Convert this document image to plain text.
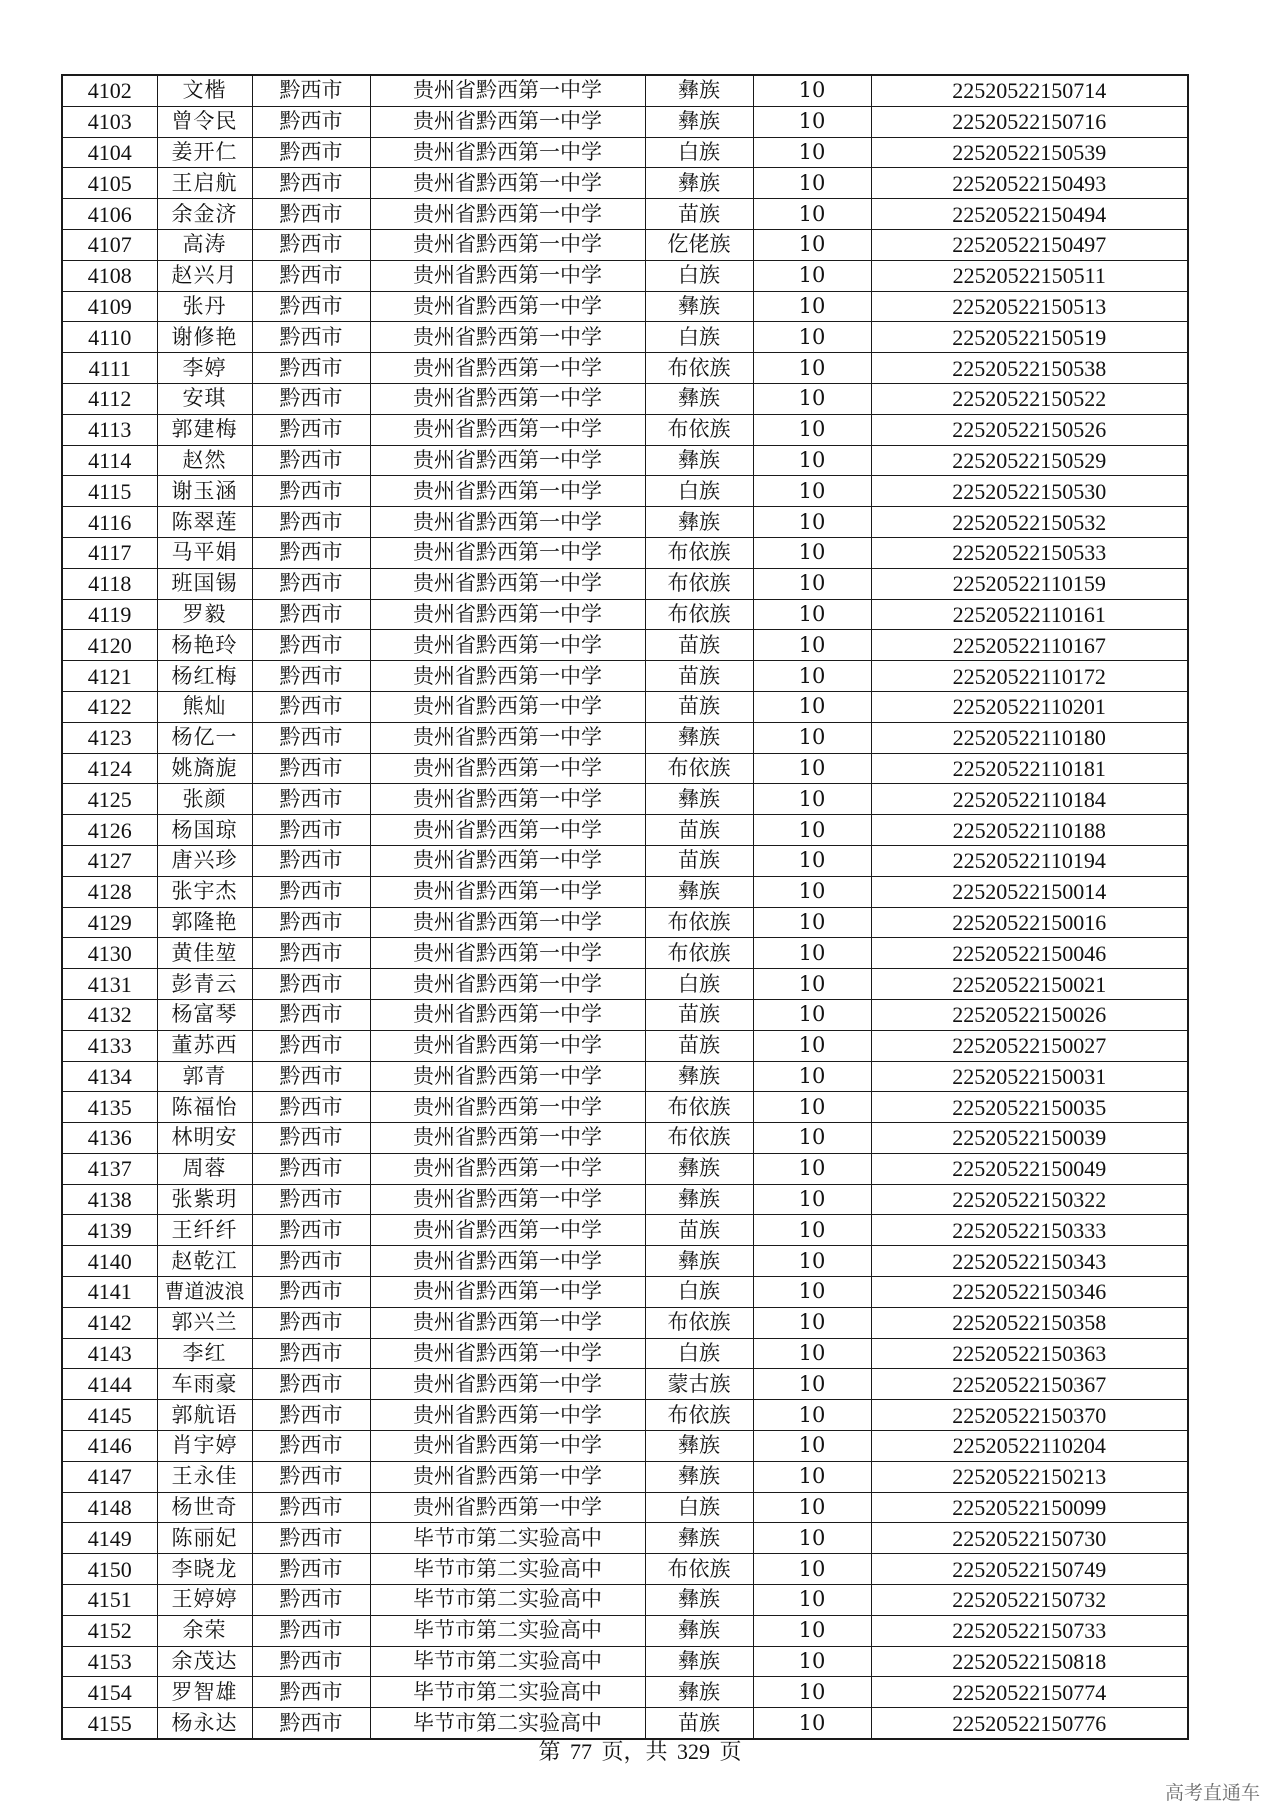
4102	文楷	黔西市	贵州省黔西第一中学	彝族	10	22520522150714
4103	曾令民	黔西市	贵州省黔西第一中学	彝族	10	22520522150716
4104	姜开仁	黔西市	贵州省黔西第一中学	白族	10	22520522150539
4105	王启航	黔西市	贵州省黔西第一中学	彝族	10	22520522150493
4106	余金济	黔西市	贵州省黔西第一中学	苗族	10	22520522150494
4107	高涛	黔西市	贵州省黔西第一中学	仡佬族	10	22520522150497
4108	赵兴月	黔西市	贵州省黔西第一中学	白族	10	22520522150511
4109	张丹	黔西市	贵州省黔西第一中学	彝族	10	22520522150513
4110	谢修艳	黔西市	贵州省黔西第一中学	白族	10	22520522150519
4111	李婷	黔西市	贵州省黔西第一中学	布依族	10	22520522150538
4112	安琪	黔西市	贵州省黔西第一中学	彝族	10	22520522150522
4113	郭建梅	黔西市	贵州省黔西第一中学	布依族	10	22520522150526
4114	赵然	黔西市	贵州省黔西第一中学	彝族	10	22520522150529
4115	谢玉涵	黔西市	贵州省黔西第一中学	白族	10	22520522150530
4116	陈翠莲	黔西市	贵州省黔西第一中学	彝族	10	22520522150532
4117	马平娟	黔西市	贵州省黔西第一中学	布依族	10	22520522150533
4118	班国锡	黔西市	贵州省黔西第一中学	布依族	10	22520522110159
4119	罗毅	黔西市	贵州省黔西第一中学	布依族	10	22520522110161
4120	杨艳玲	黔西市	贵州省黔西第一中学	苗族	10	22520522110167
4121	杨红梅	黔西市	贵州省黔西第一中学	苗族	10	22520522110172
4122	熊灿	黔西市	贵州省黔西第一中学	苗族	10	22520522110201
4123	杨亿一	黔西市	贵州省黔西第一中学	彝族	10	22520522110180
4124	姚旖旎	黔西市	贵州省黔西第一中学	布依族	10	22520522110181
4125	张颜	黔西市	贵州省黔西第一中学	彝族	10	22520522110184
4126	杨国琼	黔西市	贵州省黔西第一中学	苗族	10	22520522110188
4127	唐兴珍	黔西市	贵州省黔西第一中学	苗族	10	22520522110194
4128	张宇杰	黔西市	贵州省黔西第一中学	彝族	10	22520522150014
4129	郭隆艳	黔西市	贵州省黔西第一中学	布依族	10	22520522150016
4130	黄佳堃	黔西市	贵州省黔西第一中学	布依族	10	22520522150046
4131	彭青云	黔西市	贵州省黔西第一中学	白族	10	22520522150021
4132	杨富琴	黔西市	贵州省黔西第一中学	苗族	10	22520522150026
4133	董苏西	黔西市	贵州省黔西第一中学	苗族	10	22520522150027
4134	郭青	黔西市	贵州省黔西第一中学	彝族	10	22520522150031
4135	陈福怡	黔西市	贵州省黔西第一中学	布依族	10	22520522150035
4136	林明安	黔西市	贵州省黔西第一中学	布依族	10	22520522150039
4137	周蓉	黔西市	贵州省黔西第一中学	彝族	10	22520522150049
4138	张紫玥	黔西市	贵州省黔西第一中学	彝族	10	22520522150322
4139	王纤纤	黔西市	贵州省黔西第一中学	苗族	10	22520522150333
4140	赵乾江	黔西市	贵州省黔西第一中学	彝族	10	22520522150343
4141	曹道波浪	黔西市	贵州省黔西第一中学	白族	10	22520522150346
4142	郭兴兰	黔西市	贵州省黔西第一中学	布依族	10	22520522150358
4143	李红	黔西市	贵州省黔西第一中学	白族	10	22520522150363
4144	车雨豪	黔西市	贵州省黔西第一中学	蒙古族	10	22520522150367
4145	郭航语	黔西市	贵州省黔西第一中学	布依族	10	22520522150370
4146	肖宇婷	黔西市	贵州省黔西第一中学	彝族	10	22520522110204
4147	王永佳	黔西市	贵州省黔西第一中学	彝族	10	22520522150213
4148	杨世奇	黔西市	贵州省黔西第一中学	白族	10	22520522150099
4149	陈丽妃	黔西市	毕节市第二实验高中	彝族	10	22520522150730
4150	李晓龙	黔西市	毕节市第二实验高中	布依族	10	22520522150749
4151	王婷婷	黔西市	毕节市第二实验高中	彝族	10	22520522150732
4152	余荣	黔西市	毕节市第二实验高中	彝族	10	22520522150733
4153	余茂达	黔西市	毕节市第二实验高中	彝族	10	22520522150818
4154	罗智雄	黔西市	毕节市第二实验高中	彝族	10	22520522150774
4155	杨永达	黔西市	毕节市第二实验高中	苗族	10	22520522150776
第 77 页，共 329 页
高考直通车
